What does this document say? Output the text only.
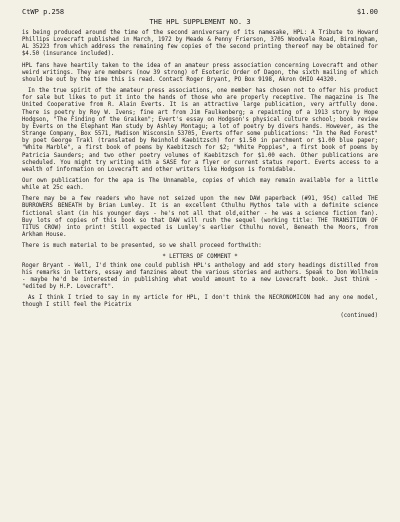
CtWP p.258	$1.00
THE HPL SUPPLEMENT NO. 3

is being produced around the time of the second anniversary of its namesake, HPL: A Tribute to Howard Phillips Lovecraft published in March, 1972 by Meade & Penny Frierson, 3705 Woodvale Road, Birmingham, AL 35223 from which address the remaining few copies of the second printing thereof may be obtained for $4.50 (insurance included).

HPL fans have heartily taken to the idea of an amateur press association concerning Lovecraft and other weird writings. They are members (now 39 strong) of Esoteric Order of Dagon, the sixth mailing of which should be out by the time this is read. Contact Roger Bryant, PO Box 9198, Akron OHIO 44320.

In the true spirit of the amateur press associations, one member has chosen not to offer his product for sale but likes to put it into the hands of those who are properly receptive. The magazine is The United Cooperative from R. Alain Everts. It is an attractive large publication, very artfully done. There is poetry by Roy W. Ivens; fine art from Jim Faulkenberg; a repainting of a 1913 story by Hope Hodgson, "The Finding of the Graiken"; Evert's essay on Hodgson's physical culture school; book review by Everts on the Elephant Man study by Ashley Montagu; a lot of poetry by divers hands. However, as the Strange Company, Box 5571, Madison Wisconsin 53705, Everts offer some publications: "In the Red Forest" by poet George Trakl (translated by Reinhold Kaebitzsch) for $1.50 in parchment or $1.00 blue paper; "White Marble", a first book of poems by Kaebitzsch for $2; "White Poppies", a first book of poems by Patricia Saunders; and two other poetry volumes of Kaebitzsch for $1.00 each. Other publications are scheduled. You might try writing with a SASE for a flyer or current status report. Everts access to a wealth of information on Lovecraft and other writers like Hodgson is formidable.

Our own publication for the apa is The Unnamable, copies of which may remain available for a little while at 25c each.

There may be a few readers who have not seized upon the new DAW paperback (#91, 95¢) called THE BURROWERS BENEATH by Brian Lumley. It is an excellent Cthulhu Mythos tale with a definite science fictional slant (in his younger days - he's not all that old,either - he was a science fiction fan). Buy lots of copies of this book so that DAW will rush the sequel (working title: THE TRANSITION OF TITUS CROW) into print! Still expected is Lumley's earlier Cthulhu novel, Beneath the Moors, from Arkham House.

There is much material to be presented, so we shall proceed forthwith:

* LETTERS OF COMMENT *

Roger Bryant - Well, I'd think one could publish HPL's anthology and add story headings distilled from his remarks in letters, essay and fanzines about the various stories and authors. Speak to Don Wollheim - maybe he'd be interested in publishing what would amount to a new Lovecraft book. Just think - "edited by H.P. Lovecraft".

As I think I tried to say in my article for HPL, I don't think the NECRONOMICON had any one model, though I still feel the Picatrix

(continued)
